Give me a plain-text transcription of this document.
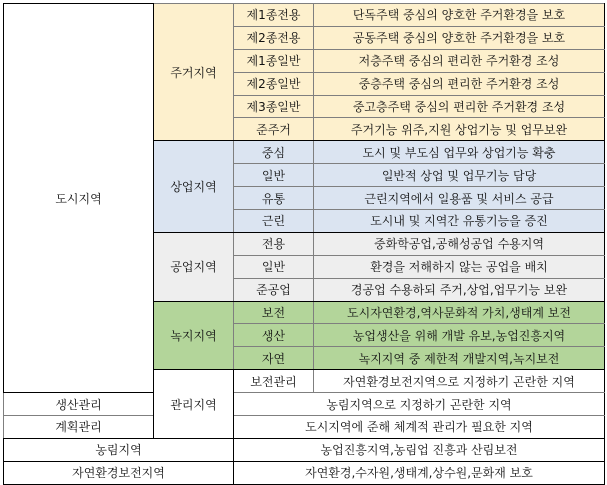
도시지역	주거지역	제1종전용	단독주택 중심의 양호한 주거환경을 보호
		제2종전용	공동주택 중심의 양호한 주거환경을 보호
		제1종일반	저층주택 중심의 편리한 주거환경 조성
		제2종일반	중층주택 중심의 편리한 주거환경 조성
		제3종일반	중고층주택 중심의 편리한 주거환경 조성
		준주거	주거기능 위주,지원 상업기능 및 업무보완
	상업지역	중심	도시 및 부도심 업무와 상업기능 확충
		일반	일반적 상업 및 업무기능 담당
		유통	근린지역에서 일용품 및 서비스 공급
		근린	도시내 및 지역간 유통기능을 증진
	공업지역	전용	중화학공업,공해성공업 수용지역
		일반	환경을 저해하지 않는 공업을 배치
		준공업	경공업 수용하되 주거,상업,업무기능 보완
	녹지지역	보전	도시자연환경,역사문화적 가치,생태계 보전
		생산	농업생산을 위해 개발 유보,농업진흥지역
		자연	녹지지역 중 제한적 개발지역,녹지보전
	관리지역	보전관리	자연환경보전지역으로 지정하기 곤란한 지역
생산관리		농림지역으로 지정하기 곤란한 지역	
계획관리		도시지역에 준해 체계적 관리가 필요한 지역	
농림지역		농업진흥지역,농림업 진흥과 산림보전	
자연환경보전지역		자연환경,수자원,생태계,상수원,문화재 보호	
